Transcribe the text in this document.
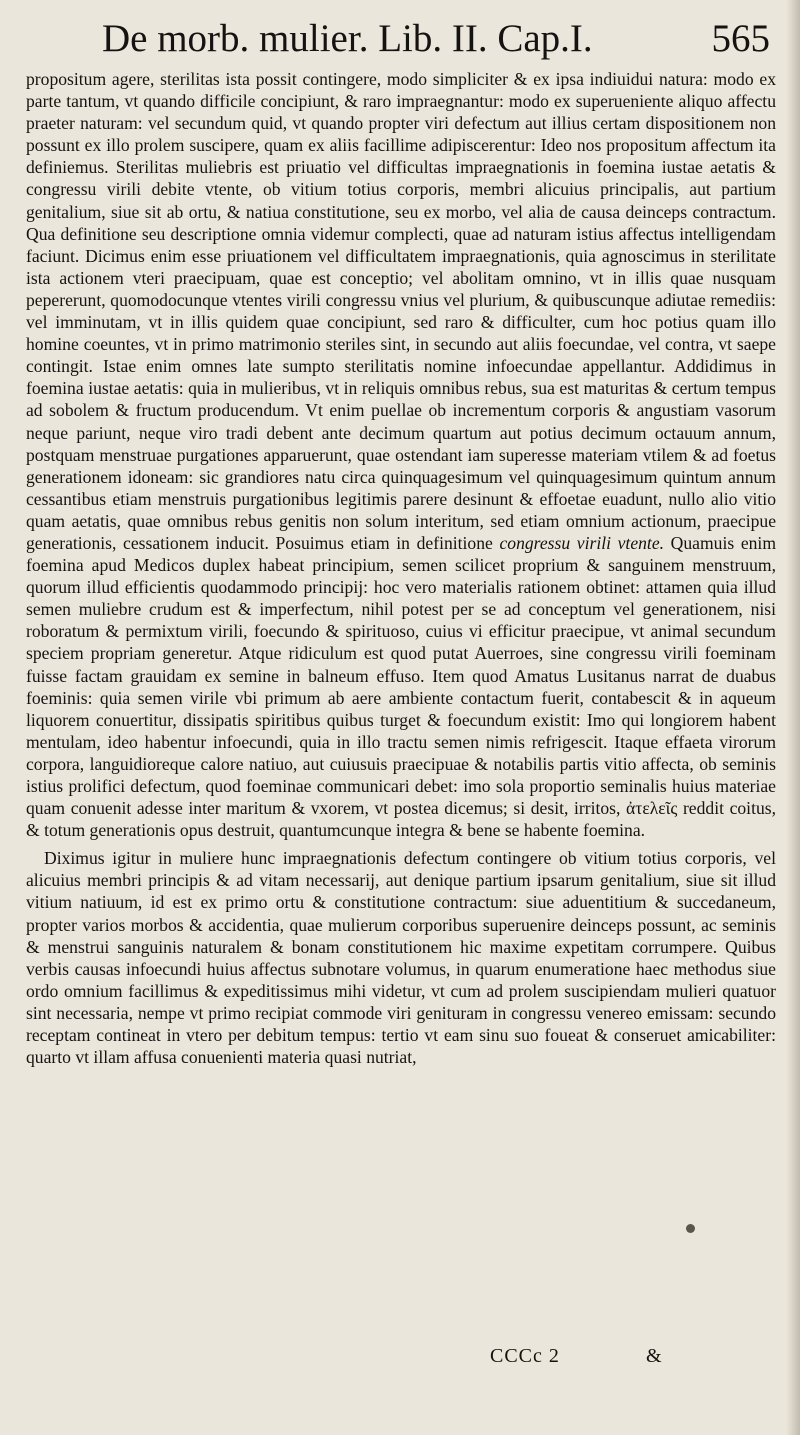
De morb. mulier. Lib. II. Cap.I.	565

propositum agere, sterilitas ista possit contingere, modo simpliciter & ex ipsa indiuidui natura: modo ex parte tantum, vt quando difficile concipiunt, & raro impraegnantur: modo ex superueniente aliquo affectu praeter naturam: vel secundum quid, vt quando propter viri defectum aut illius certam dispositionem non possunt ex illo prolem suscipere, quam ex aliis facillime adipiscerentur: Ideo nos propositum affectum ita definiemus. Sterilitas muliebris est priuatio vel difficultas impraegnationis in foemina iustae aetatis & congressu virili debite vtente, ob vitium totius corporis, membri alicuius principalis, aut partium genitalium, siue sit ab ortu, & natiua constitutione, seu ex morbo, vel alia de causa deinceps contractum. Qua definitione seu descriptione omnia videmur complecti, quae ad naturam istius affectus intelligendam faciunt. Dicimus enim esse priuationem vel difficultatem impraegnationis, quia agnoscimus in sterilitate ista actionem vteri praecipuam, quae est conceptio; vel abolitam omnino, vt in illis quae nusquam pepererunt, quomodocunque vtentes virili congressu vnius vel plurium, & quibuscunque adiutae remediis: vel imminutam, vt in illis quidem quae concipiunt, sed raro & difficulter, cum hoc potius quam illo homine coeuntes, vt in primo matrimonio steriles sint, in secundo aut aliis foecundae, vel contra, vt saepe contingit. Istae enim omnes late sumpto sterilitatis nomine infoecundae appellantur. Addidimus in foemina iustae aetatis: quia in mulieribus, vt in reliquis omnibus rebus, sua est maturitas & certum tempus ad sobolem & fructum producendum. Vt enim puellae ob incrementum corporis & angustiam vasorum neque pariunt, neque viro tradi debent ante decimum quartum aut potius decimum octauum annum, postquam menstruae purgationes apparuerunt, quae ostendant iam superesse materiam vtilem & ad foetus generationem idoneam: sic grandiores natu circa quinquagesimum vel quinquagesimum quintum annum cessantibus etiam menstruis purgationibus legitimis parere desinunt & effoetae euadunt, nullo alio vitio quam aetatis, quae omnibus rebus genitis non solum interitum, sed etiam omnium actionum, praecipue generationis, cessationem inducit. Posuimus etiam in definitione congressu virili vtente. Quamuis enim foemina apud Medicos duplex habeat principium, semen scilicet proprium & sanguinem menstruum, quorum illud efficientis quodammodo principij: hoc vero materialis rationem obtinet: attamen quia illud semen muliebre crudum est & imperfectum, nihil potest per se ad conceptum vel generationem, nisi roboratum & permixtum virili, foecundo & spirituoso, cuius vi efficitur praecipue, vt animal secundum speciem propriam generetur. Atque ridiculum est quod putat Auerroes, sine congressu virili foeminam fuisse factam grauidam ex semine in balneum effuso. Item quod Amatus Lusitanus narrat de duabus foeminis: quia semen virile vbi primum ab aere ambiente contactum fuerit, contabescit & in aqueum liquorem conuertitur, dissipatis spiritibus quibus turget & foecundum existit: Imo qui longiorem habent mentulam, ideo habentur infoecundi, quia in illo tractu semen nimis refrigescit. Itaque effaeta virorum corpora, languidioreque calore natiuo, aut cuiusuis praecipuae & notabilis partis vitio affecta, ob seminis istius prolifici defectum, quod foeminae communicari debet: imo sola proportio seminalis huius materiae quam conuenit adesse inter maritum & vxorem, vt postea dicemus; si desit, irritos, ἀτελεῖς reddit coitus, & totum generationis opus destruit, quantumcunque integra & bene se habente foemina.

Diximus igitur in muliere hunc impraegnationis defectum contingere ob vitium totius corporis, vel alicuius membri principis & ad vitam necessarij, aut denique partium ipsarum genitalium, siue sit illud vitium natiuum, id est ex primo ortu & constitutione contractum: siue aduentitium & succedaneum, propter varios morbos & accidentia, quae mulierum corporibus superuenire deinceps possunt, ac seminis & menstrui sanguinis naturalem & bonam constitutionem hic maxime expetitam corrumpere. Quibus verbis causas infoecundi huius affectus subnotare volumus, in quarum enumeratione haec methodus siue ordo omnium facillimus & expeditissimus mihi videtur, vt cum ad prolem suscipiendam mulieri quatuor sint necessaria, nempe vt primo recipiat commode viri genituram in congressu venereo emissam: secundo receptam contineat in vtero per debitum tempus: tertio vt eam sinu suo foueat & conseruet amicabiliter: quarto vt illam affusa conuenienti materia quasi nutriat,

CCCc 2	&
